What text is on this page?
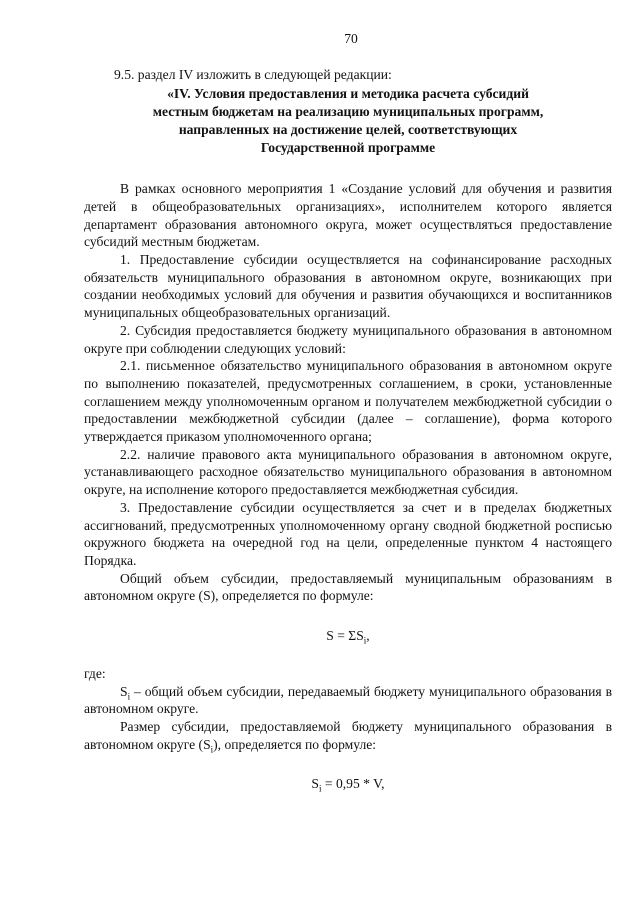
70

9.5. раздел IV изложить в следующей редакции:

«IV. Условия предоставления и методика расчета субсидий
местным бюджетам на реализацию муниципальных программ,
направленных на достижение целей, соответствующих
Государственной программе

В рамках основного мероприятия 1 «Создание условий для обучения и развития детей в общеобразовательных организациях», исполнителем которого является департамент образования автономного округа, может осуществляться предоставление субсидий местным бюджетам.

1. Предоставление субсидии осуществляется на софинансирование расходных обязательств муниципального образования в автономном округе, возникающих при создании необходимых условий для обучения и развития обучающихся и воспитанников муниципальных общеобразовательных организаций.

2. Субсидия предоставляется бюджету муниципального образования в автономном округе при соблюдении следующих условий:

2.1. письменное обязательство муниципального образования в автономном округе по выполнению показателей, предусмотренных соглашением, в сроки, установленные соглашением между уполномоченным органом и получателем межбюджетной субсидии о предоставлении межбюджетной субсидии (далее – соглашение), форма которого утверждается приказом уполномоченного органа;

2.2. наличие правового акта муниципального образования в автономном округе, устанавливающего расходное обязательство муниципального образования в автономном округе, на исполнение которого предоставляется межбюджетная субсидия.

3. Предоставление субсидии осуществляется за счет и в пределах бюджетных ассигнований, предусмотренных уполномоченному органу сводной бюджетной росписью окружного бюджета на очередной год на цели, определенные пунктом 4 настоящего Порядка.

Общий объем субсидии, предоставляемый муниципальным образованиям в автономном округе (S), определяется по формуле:

$S = \Sigma S_i$,

где:

$S_i$ – общий объем субсидии, передаваемый бюджету муниципального образования в автономном округе.

Размер субсидии, предоставляемой бюджету муниципального образования в автономном округе $(S_i)$, определяется по формуле:

$S_i = 0,95 * V$,
